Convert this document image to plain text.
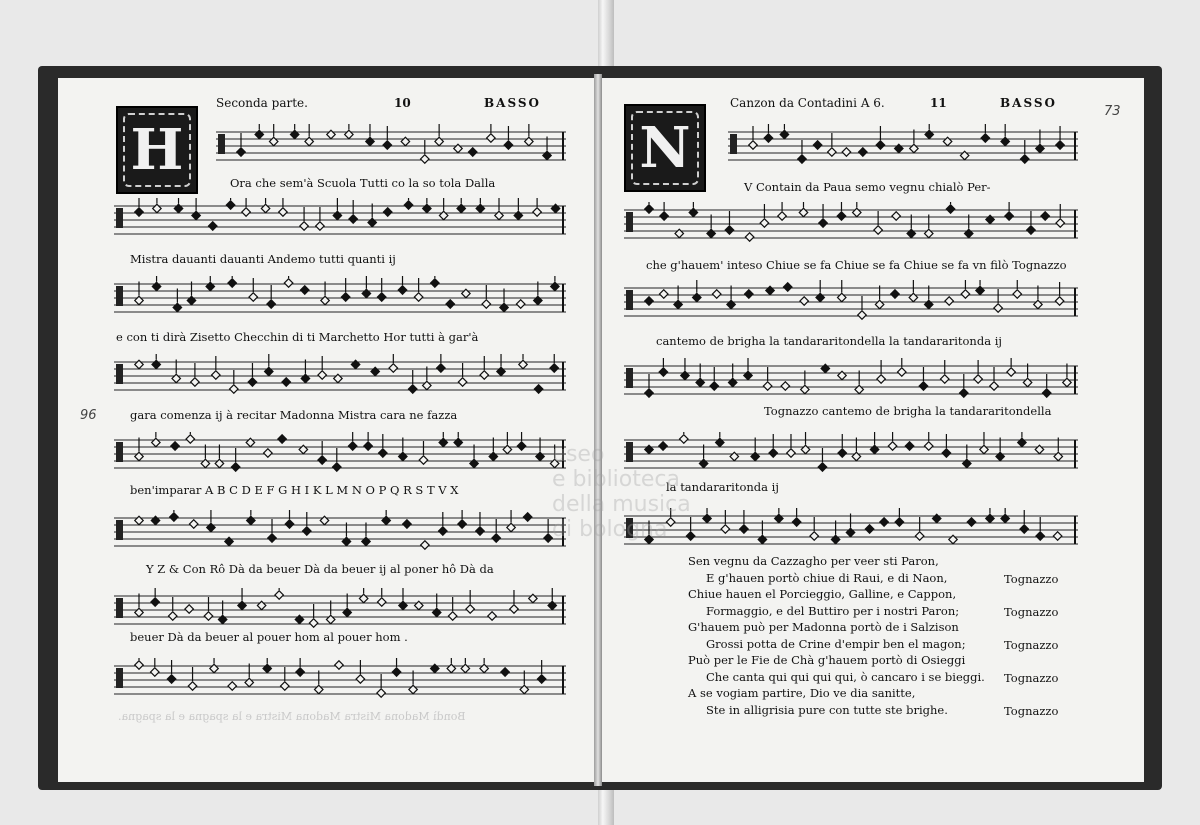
H
Seconda parte.	10	BASSO
Ora che sem'à Scuola Tutti co la so tola Dalla
Mistra dauanti dauanti Andemo tutti quanti ij
e con ti dirà Zisetto Checchin di ti Marchetto Hor tutti à gar'à
gara comenza ij à recitar Madonna Mistra cara ne fazza
ben'imparar A B C D E F G H I K L M N O P Q R S T V X
Y Z & Con Rô Dà da beuer Dà da beuer ij al poner hô Dà da
beuer Dà da beuer al pouer hom al pouer hom .
96
Bondì Madona Mistra Madona Mistra e la spagna e la spagna.
N
Canzon da Contadini A 6.	11	BASSO
73
V Contain da Paua semo vegnu chialò Per-
che g'hauem' inteso Chiue se fa Chiue se fa Chiue se fa vn filò Tognazzo
cantemo de brigha la tandararitondella la tandararitonda ij
Tognazzo cantemo de brigha la tandararitondella
la tandararitonda ij
Sen vegnu da Cazzagho per veer sti Paron,
E g'hauen portò chiue di Raui, e di Naon,
Chiue hauen el Porcieggio, Galline, e Cappon,
Formaggio, e del Buttiro per i nostri Paron;
G'hauem può per Madonna portò de i Salzison
Grossi potta de Crine d'empir ben el magon;
Può per le Fie de Chà g'hauem portò di Osieggi
Che canta qui qui qui qui, ò cancaro i se bieggi.
A se vogiam partire, Dio ve dia sanitte,
Ste in alligrisia pure con tutte ste brighe.
Tognazzo
Tognazzo
Tognazzo
Tognazzo
Tognazzo
useo
e biblioteca
della musica
di bologna
